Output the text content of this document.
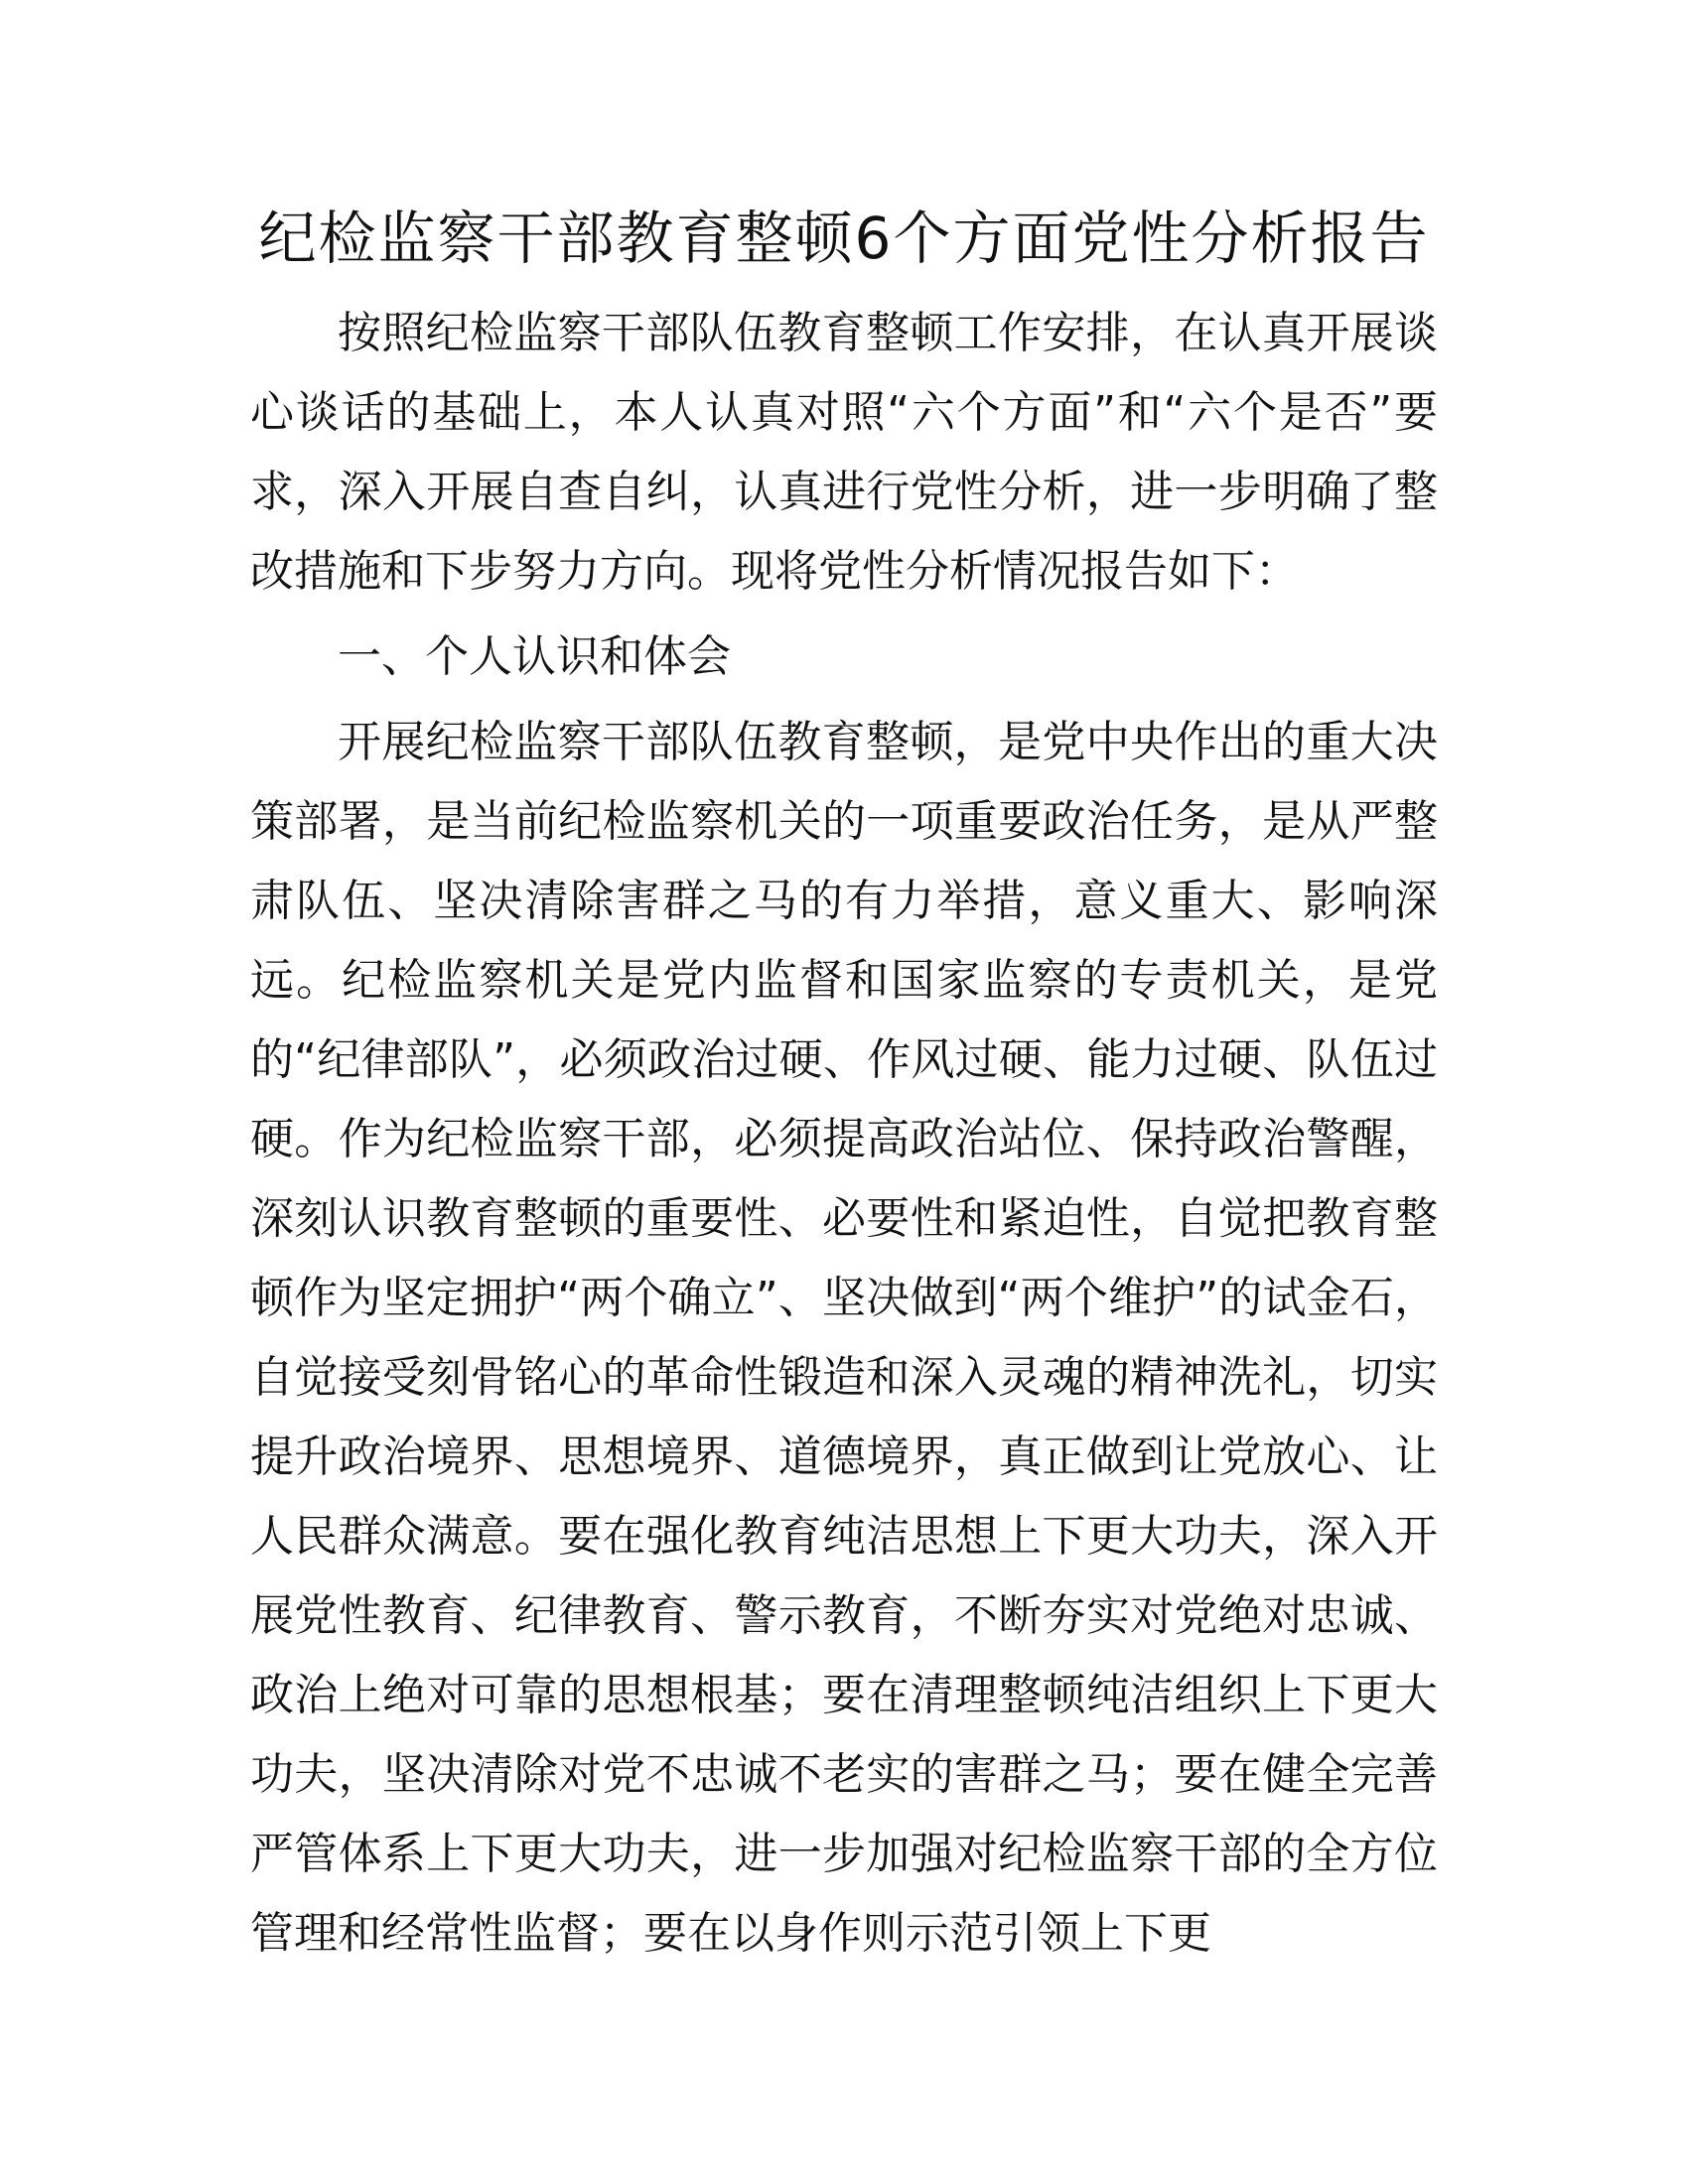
纪检监察干部教育整顿6个方面党性分析报告

按照纪检监察干部队伍教育整顿工作安排，在认真开展谈心谈话的基础上，本人认真对照“六个方面”和“六个是否”要求，深入开展自查自纠，认真进行党性分析，进一步明确了整改措施和下步努力方向。现将党性分析情况报告如下：

一、个人认识和体会

开展纪检监察干部队伍教育整顿，是党中央作出的重大决策部署，是当前纪检监察机关的一项重要政治任务，是从严整肃队伍、坚决清除害群之马的有力举措，意义重大、影响深远。纪检监察机关是党内监督和国家监察的专责机关，是党的“纪律部队”，必须政治过硬、作风过硬、能力过硬、队伍过硬。作为纪检监察干部，必须提高政治站位、保持政治警醒，深刻认识教育整顿的重要性、必要性和紧迫性，自觉把教育整顿作为坚定拥护“两个确立”、坚决做到“两个维护”的试金石，自觉接受刻骨铭心的革命性锻造和深入灵魂的精神洗礼，切实提升政治境界、思想境界、道德境界，真正做到让党放心、让人民群众满意。要在强化教育纯洁思想上下更大功夫，深入开展党性教育、纪律教育、警示教育，不断夯实对党绝对忠诚、政治上绝对可靠的思想根基；要在清理整顿纯洁组织上下更大功夫，坚决清除对党不忠诚不老实的害群之马；要在健全完善严管体系上下更大功夫，进一步加强对纪检监察干部的全方位管理和经常性监督；要在以身作则示范引领上下更
